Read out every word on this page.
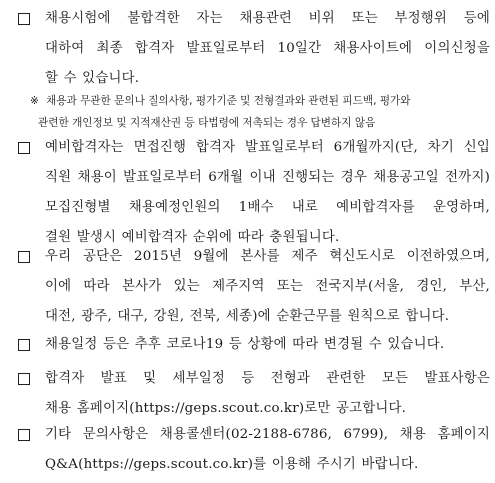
채용시험에 불합격한 자는 채용관련 비위 또는 부정행위 등에
대하여 최종 합격자 발표일로부터 10일간 채용사이트에 이의신청을
할 수 있습니다.
※ 채용과 무관한 문의나 질의사항, 평가기준 및 전형결과와 관련된 피드백, 평가와
관련한 개인정보 및 지적재산권 등 타법령에 저촉되는 경우 답변하지 않음
예비합격자는 면접진행 합격자 발표일로부터 6개월까지(단, 차기 신입
직원 채용이 발표일로부터 6개월 이내 진행되는 경우 채용공고일 전까지)
모집진형별 채용예정인원의 1배수 내로 예비합격자를 운영하며,
결원 발생시 예비합격자 순위에 따라 충원됩니다.
우리 공단은 2015년 9월에 본사를 제주 혁신도시로 이전하였으며,
이에 따라 본사가 있는 제주지역 또는 전국지부(서울, 경인, 부산,
대전, 광주, 대구, 강원, 전북, 세종)에 순환근무를 원칙으로 합니다.
채용일정 등은 추후 코로나19 등 상황에 따라 변경될 수 있습니다.
합격자 발표 및 세부일정 등 전형과 관련한 모든 발표사항은
채용 홈페이지(https://geps.scout.co.kr)로만 공고합니다.
기타 문의사항은 채용콜센터(02-2188-6786, 6799), 채용 홈페이지
Q&A(https://geps.scout.co.kr)를 이용해 주시기 바랍니다.
